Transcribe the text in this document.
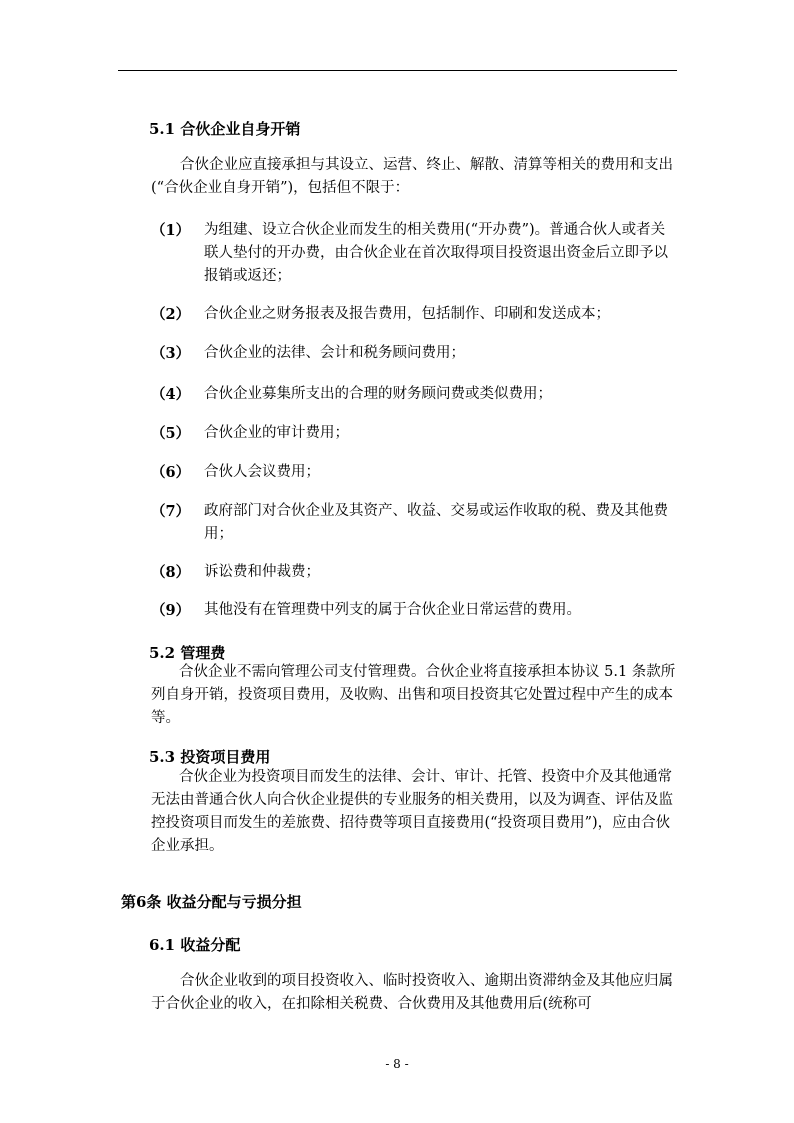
5.1 合伙企业自身开销
合伙企业应直接承担与其设立、运营、终止、解散、清算等相关的费用和支出(“合伙企业自身开销”)，包括但不限于：
（1） 为组建、设立合伙企业而发生的相关费用(“开办费”)。普通合伙人或者关联人垫付的开办费，由合伙企业在首次取得项目投资退出资金后立即予以报销或返还；
（2） 合伙企业之财务报表及报告费用，包括制作、印刷和发送成本；
（3） 合伙企业的法律、会计和税务顾问费用；
（4） 合伙企业募集所支出的合理的财务顾问费或类似费用；
（5） 合伙企业的审计费用；
（6） 合伙人会议费用；
（7） 政府部门对合伙企业及其资产、收益、交易或运作收取的税、费及其他费用；
（8） 诉讼费和仲裁费；
（9） 其他没有在管理费中列支的属于合伙企业日常运营的费用。
5.2 管理费
合伙企业不需向管理公司支付管理费。合伙企业将直接承担本协议 5.1 条款所列自身开销，投资项目费用，及收购、出售和项目投资其它处置过程中产生的成本等。
5.3 投资项目费用
合伙企业为投资项目而发生的法律、会计、审计、托管、投资中介及其他通常无法由普通合伙人向合伙企业提供的专业服务的相关费用，以及为调查、评估及监控投资项目而发生的差旅费、招待费等项目直接费用(“投资项目费用”)，应由合伙企业承担。
第6条 收益分配与亏损分担
6.1 收益分配
合伙企业收到的项目投资收入、临时投资收入、逾期出资滞纳金及其他应归属于合伙企业的收入，在扣除相关税费、合伙费用及其他费用后(统称可
- 8 -
